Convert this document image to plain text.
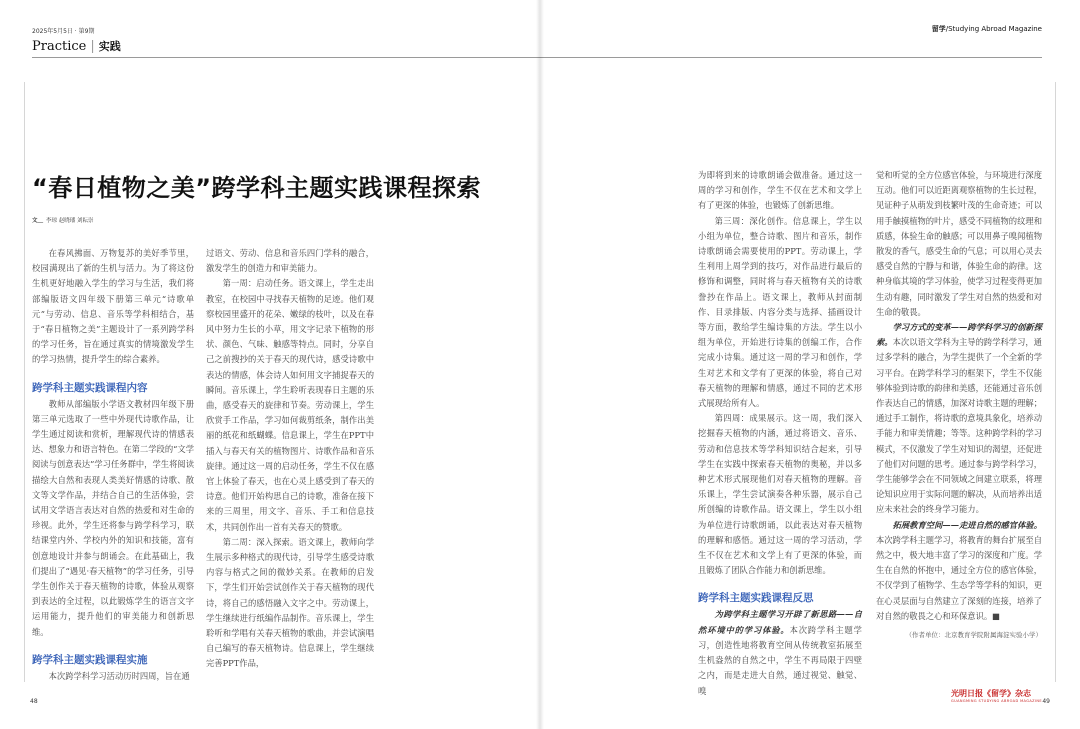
2025年5月5日 · 第9期
Practice | 实践
“春日植物之美”跨学科主题实践课程探索
文＿ 李琼 赵晓璠 刘耘崇

在春风拂面、万物复苏的美好季节里，校园满现出了新的生机与活力。为了将这份生机更好地融入学生的学习与生活，我们将部编版语文四年级下册第三单元“诗歌单元”与劳动、信息、音乐等学科相结合，基于“春日植物之美”主题设计了一系列跨学科的学习任务，旨在通过真实的情境激发学生的学习热情，提升学生的综合素养。

跨学科主题实践课程内容

教师从部编版小学语文教材四年级下册第三单元选取了一些中外现代诗歌作品，让学生通过阅读和赏析，理解现代诗的情感表达、想象力和语言特色。在第二学段的“文学阅读与创意表达”学习任务群中，学生将阅读描绘大自然和表现人类美好情感的诗歌、散文等文学作品，并结合自己的生活体验，尝试用文学语言表达对自然的热爱和对生命的珍视。此外，学生还将参与跨学科学习，联结课堂内外、学校内外的知识和技能，富有创意地设计并参与朗诵会。在此基础上，我们提出了“遇见·春天植物”的学习任务，引导学生创作关于春天植物的诗歌，体验从观察到表达的全过程，以此锻炼学生的语言文字运用能力，提升他们的审美能力和创新思维。

跨学科主题实践课程实施

本次跨学科学习活动历时四周，旨在通

过语文、劳动、信息和音乐四门学科的融合，激发学生的创造力和审美能力。

第一周：启动任务。语文课上，学生走出教室，在校园中寻找春天植物的足迹。他们观察校园里盛开的花朵、嫩绿的枝叶，以及在春风中努力生长的小草，用文字记录下植物的形状、颜色、气味、触感等特点。同时，分享自己之前搜抄的关于春天的现代诗，感受诗歌中表达的情感，体会诗人如何用文字捕捉春天的瞬间。音乐课上，学生聆听表现春日主题的乐曲，感受春天的旋律和节奏。劳动课上，学生欣赏手工作品，学习如何裁剪纸条，制作出美丽的纸花和纸蝴蝶。信息课上，学生在PPT中插入与春天有关的植物图片、诗歌作品和音乐旋律。通过这一周的启动任务，学生不仅在感官上体验了春天，也在心灵上感受到了春天的诗意。他们开始构思自己的诗歌，准备在接下来的三周里，用文字、音乐、手工和信息技术，共同创作出一首有关春天的赞歌。

第二周：深入探索。语文课上，教师向学生展示多种格式的现代诗，引导学生感受诗歌内容与格式之间的微妙关系。在教师的启发下，学生们开始尝试创作关于春天植物的现代诗，将自己的感悟融入文字之中。劳动课上，学生继续进行纸编作品制作。音乐课上，学生聆听和学唱有关春天植物的歌曲，并尝试演唱自己编写的春天植物诗。信息课上，学生继续完善PPT作品，

48
留学/Studying Abroad Magazine

为即将到来的诗歌朗诵会做准备。通过这一周的学习和创作，学生不仅在艺术和文学上有了更深的体验，也锻炼了创新思维。

第三周：深化创作。信息课上，学生以小组为单位，整合诗歌、图片和音乐，制作诗歌朗诵会需要使用的PPT。劳动课上，学生利用上周学到的技巧，对作品进行最后的修饰和调整，同时将与春天植物有关的诗歌誊抄在作品上。语文课上，教师从封面制作、目录排版、内容分类与选择、插画设计等方面，教给学生编诗集的方法。学生以小组为单位，开始进行诗集的创编工作，合作完成小诗集。通过这一周的学习和创作，学生对艺术和文学有了更深的体验，将自己对春天植物的理解和情感，通过不同的艺术形式展现给所有人。

第四周：成果展示。这一周，我们深入挖掘春天植物的内涵，通过将语文、音乐、劳动和信息技术等学科知识结合起来，引导学生在实践中探索春天植物的奥秘，并以多种艺术形式展现他们对春天植物的理解。音乐课上，学生尝试演奏各种乐器，展示自己所创编的诗歌作品。语文课上，学生以小组为单位进行诗歌朗诵，以此表达对春天植物的理解和感悟。通过这一周的学习活动，学生不仅在艺术和文学上有了更深的体验，而且锻炼了团队合作能力和创新思维。

跨学科主题实践课程反思

为跨学科主题学习开辟了新思路——自然环境中的学习体验。本次跨学科主题学习，创造性地将教育空间从传统教室拓展至生机盎然的自然之中，学生不再局限于四壁之内，而是走进大自然，通过视觉、触觉、嗅

觉和听觉的全方位感官体验，与环境进行深度互动。他们可以近距离观察植物的生长过程，见证种子从萌发到枝繁叶茂的生命奇迹；可以用手触摸植物的叶片，感受不同植物的纹理和质感，体验生命的触感；可以用鼻子嗅闻植物散发的香气，感受生命的气息；可以用心灵去感受自然的宁静与和谐，体验生命的韵律。这种身临其境的学习体验，使学习过程变得更加生动有趣，同时激发了学生对自然的热爱和对生命的敬畏。

学习方式的变革——跨学科学习的创新探索。本次以语文学科为主导的跨学科学习，通过多学科的融合，为学生提供了一个全新的学习平台。在跨学科学习的框架下，学生不仅能够体验到诗歌的韵律和美感，还能通过音乐创作表达自己的情感，加深对诗歌主题的理解；通过手工制作，将诗歌的意境具象化，培养动手能力和审美情趣；等等。这种跨学科的学习模式，不仅激发了学生对知识的渴望，还促进了他们对问题的思考。通过参与跨学科学习，学生能够学会在不同领域之间建立联系，将理论知识应用于实际问题的解决，从而培养出适应未来社会的终身学习能力。

拓展教育空间——走进自然的感官体验。本次跨学科主题学习，将教育的舞台扩展至自然之中，极大地丰富了学习的深度和广度。学生在自然的怀抱中，通过全方位的感官体验，不仅学到了植物学、生态学等学科的知识，更在心灵层面与自然建立了深刻的连接，培养了对自然的敬畏之心和环保意识。■

（作者单位：北京教育学院附属海淀实验小学）

光明日报《留学》杂志
GUANGMING STUDYING ABROAD MAGAZINE 49
